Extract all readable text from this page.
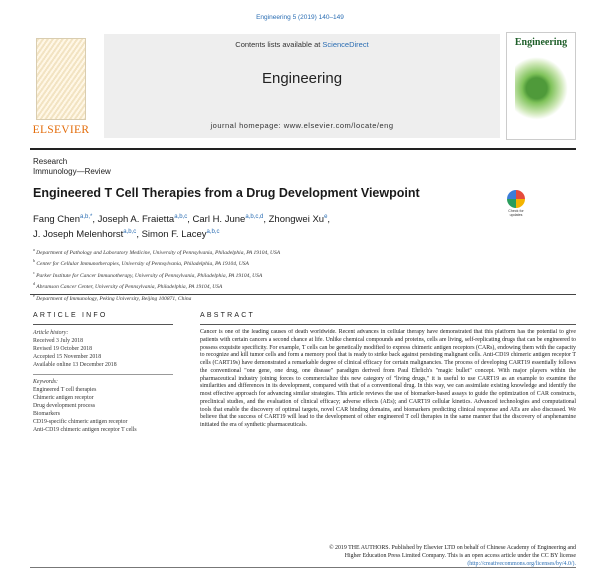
Engineering 5 (2019) 140–149
ELSEVIER
Contents lists available at ScienceDirect
Engineering
journal homepage: www.elsevier.com/locate/eng
Engineering
Research
Immunology—Review
Engineered T Cell Therapies from a Drug Development Viewpoint
Check for updates
Fang Chen$^{a,b,*}$, Joseph A. Fraietta$^{a,b,c}$, Carl H. June$^{a,b,c,d}$, Zhongwei Xu$^e$,
J. Joseph Melenhorst$^{a,b,c}$, Simon F. Lacey$^{a,b,c}$
$^a$ Department of Pathology and Laboratory Medicine, University of Pennsylvania, Philadelphia, PA 19104, USA
$^b$ Center for Cellular Immunotherapies, University of Pennsylvania, Philadelphia, PA 19104, USA
$^c$ Parker Institute for Cancer Immunotherapy, University of Pennsylvania, Philadelphia, PA 19104, USA
$^d$ Abramson Cancer Center, University of Pennsylvania, Philadelphia, PA 19104, USA
$^e$ Department of Immunology, Peking University, Beijing 100871, China
ARTICLE INFO
Article history:
Received 3 July 2018
Revised 19 October 2018
Accepted 15 November 2018
Available online 13 December 2018
Keywords:
Engineered T cell therapies
Chimeric antigen receptor
Drug development process
Biomarkers
CD19-specific chimeric antigen receptor
Anti-CD19 chimeric antigen receptor T cells
ABSTRACT

Cancer is one of the leading causes of death worldwide. Recent advances in cellular therapy have demonstrated that this platform has the potential to give patients with certain cancers a second chance at life. Unlike chemical compounds and proteins, cells are living, self-replicating drugs that can be engineered to possess exquisite specificity. For example, T cells can be genetically modified to express chimeric antigen receptors (CARs), endowing them with the capacity to recognize and kill tumor cells and form a memory pool that is ready to strike back against persisting malignant cells. Anti-CD19 chimeric antigen receptor T cells (CART19s) have demonstrated a remarkable degree of clinical efficacy for certain malignancies. The process of developing CART19 essentially follows the conventional "one gene, one drug, one disease" paradigm derived from Paul Ehrlich's "magic bullet" concept. With major players within the pharmaceutical industry joining forces to commercialize this new category of "living drugs," it is useful to use CART19 as an example to examine the similarities and differences in its development, compared with that of a conventional drug. In this way, we can assimilate existing knowledge and identify the most effective approach for advancing similar strategies. This article reviews the use of biomarker-based assays to guide the optimization of CAR constructs, preclinical studies, and the evaluation of clinical efficacy; adverse effects (AEs); and CART19 cellular kinetics. Advanced technologies and computational tools that enable the discovery of optimal targets, novel CAR binding domains, and biomarkers predicting clinical response and AEs are also discussed. We believe that the success of CART19 will lead to the development of other engineered T cell therapies in the same manner that the discovery of arsphenamine initiated the era of synthetic pharmaceuticals.

© 2019 THE AUTHORS. Published by Elsevier LTD on behalf of Chinese Academy of Engineering and
Higher Education Press Limited Company. This is an open access article under the CC BY license
(http://creativecommons.org/licenses/by/4.0/).
